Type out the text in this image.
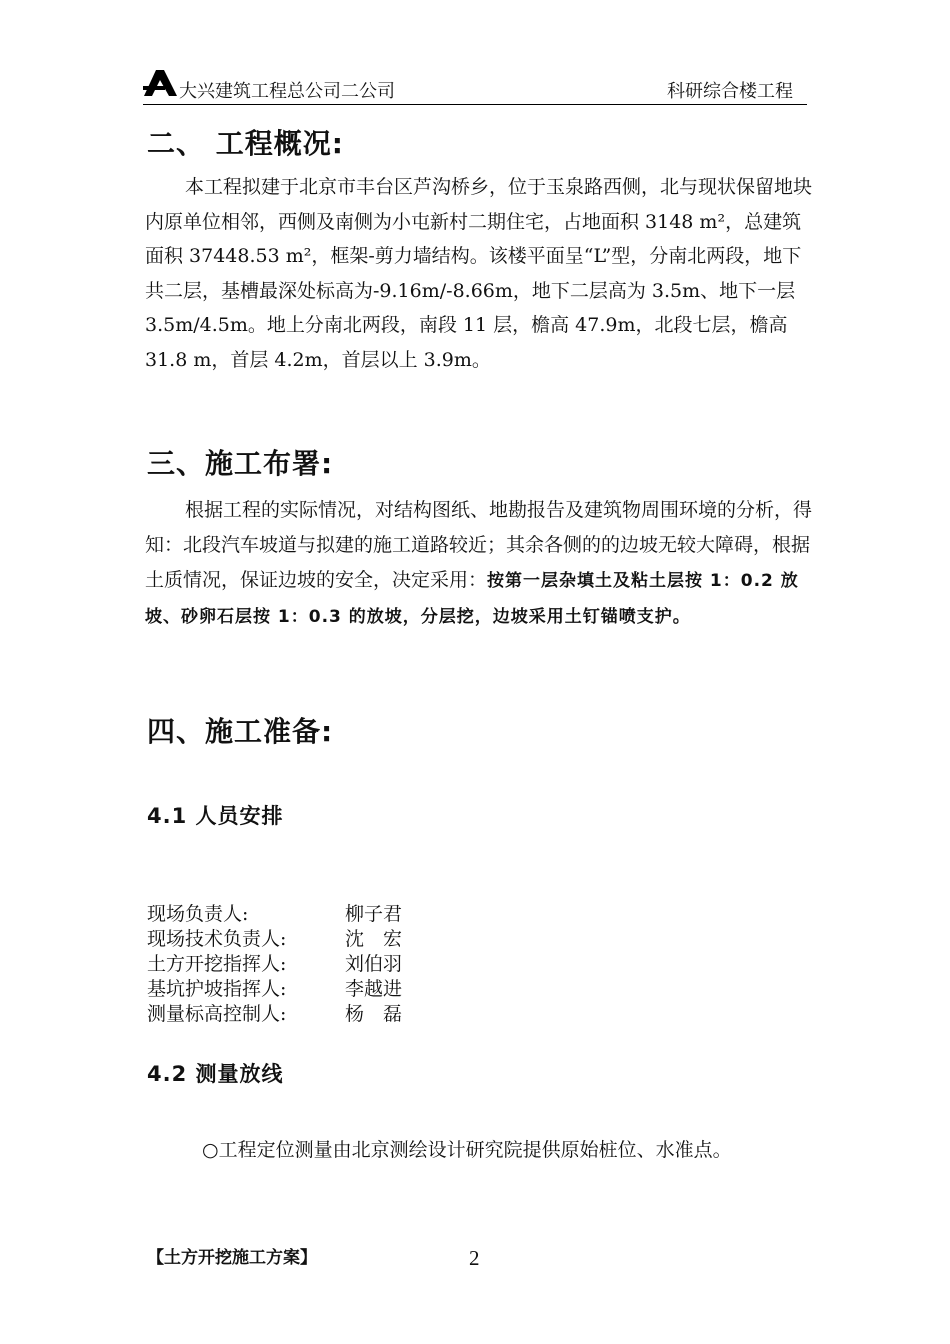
大兴建筑工程总公司二公司	科研综合楼工程
二、 工程概况:

本工程拟建于北京市丰台区芦沟桥乡，位于玉泉路西侧，北与现状保留地块内原单位相邻，西侧及南侧为小屯新村二期住宅，占地面积 3148 m²，总建筑面积 37448.53 m²，框架-剪力墙结构。该楼平面呈“L”型，分南北两段，地下共二层，基槽最深处标高为-9.16m/-8.66m，地下二层高为 3.5m、地下一层 3.5m/4.5m。地上分南北两段，南段 11 层，檐高 47.9m，北段七层，檐高 31.8 m，首层 4.2m，首层以上 3.9m。

三、施工布署:

根据工程的实际情况，对结构图纸、地勘报告及建筑物周围环境的分析，得知：北段汽车坡道与拟建的施工道路较近；其余各侧的的边坡无较大障碍，根据土质情况，保证边坡的安全，决定采用：按第一层杂填土及粘土层按 1：0.2 放坡、砂卵石层按 1：0.3 的放坡，分层挖，边坡采用土钉锚喷支护。

四、施工准备:
4.1 人员安排
现场负责人:	柳子君
现场技术负责人:	沈　宏
土方开挖指挥人:	刘伯羽
基坑护坡指挥人:	李越进
测量标高控制人:	杨　磊
4.2 测量放线
○工程定位测量由北京测绘设计研究院提供原始桩位、水准点。
【土方开挖施工方案】	2
